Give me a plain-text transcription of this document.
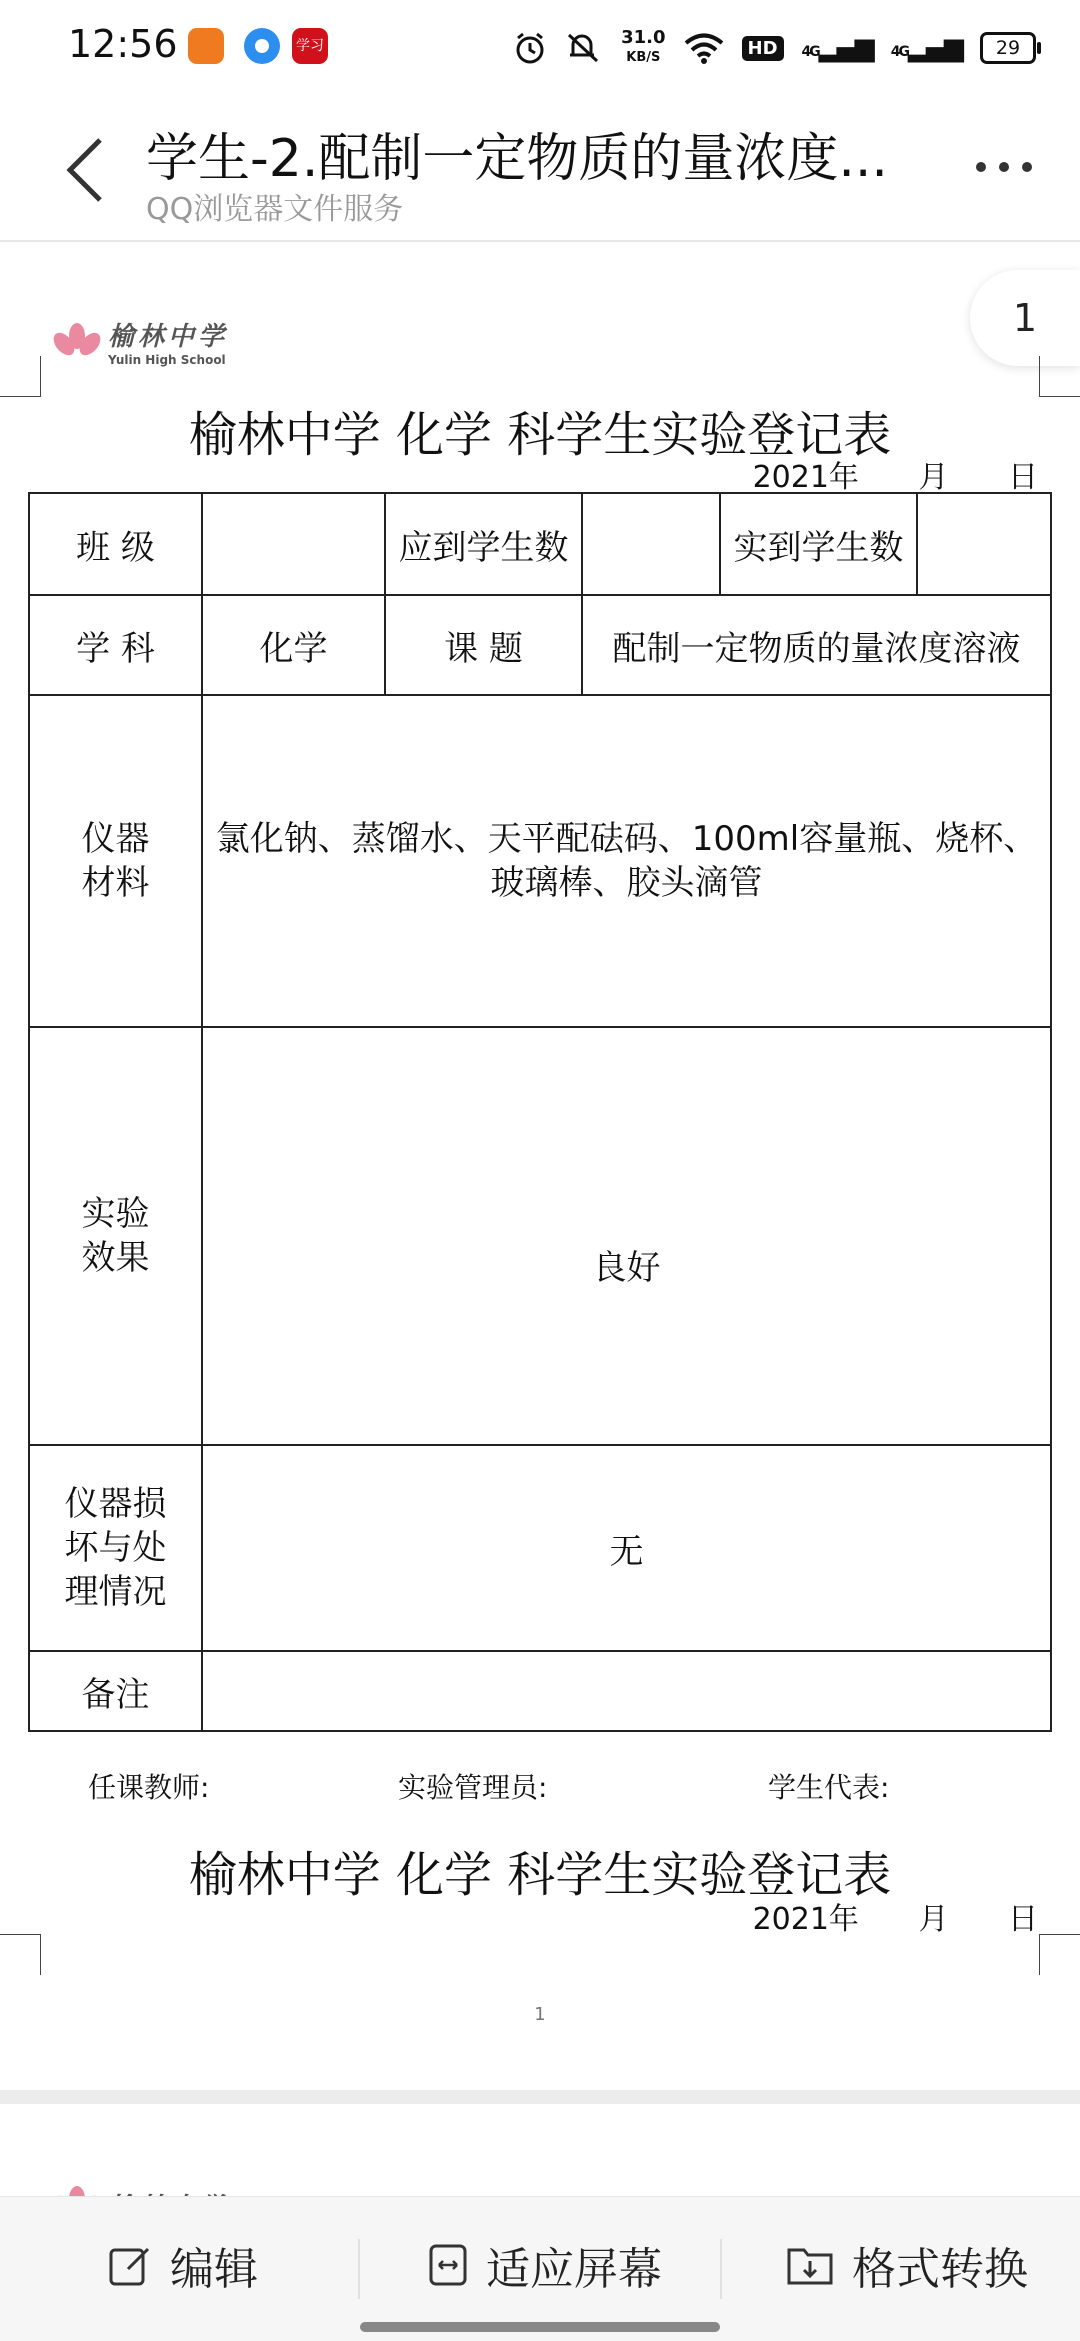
12:56	学习	31.0
KB/S	HD	4G▂▄▆ 4G▂▄▆	29
学生-2.配制一定物质的量浓度...
QQ浏览器文件服务
1
榆林中学
Yulin High School
榆林中学 化学 科学生实验登记表
2021年 月 日
班 级		应到学生数		实到学生数	
学 科	化学	课 题	配制一定物质的量浓度溶液		

仪器材料	氯化钠、蒸馏水、天平配砝码、100ml容量瓶、烧杯、玻璃棒、胶头滴管				

实验效果	良好				

仪器损坏与处理情况	无				
备注					
任课教师:	实验管理员:	学生代表:
榆林中学 化学 科学生实验登记表
2021年 月 日
1
编辑	适应屏幕	格式转换
